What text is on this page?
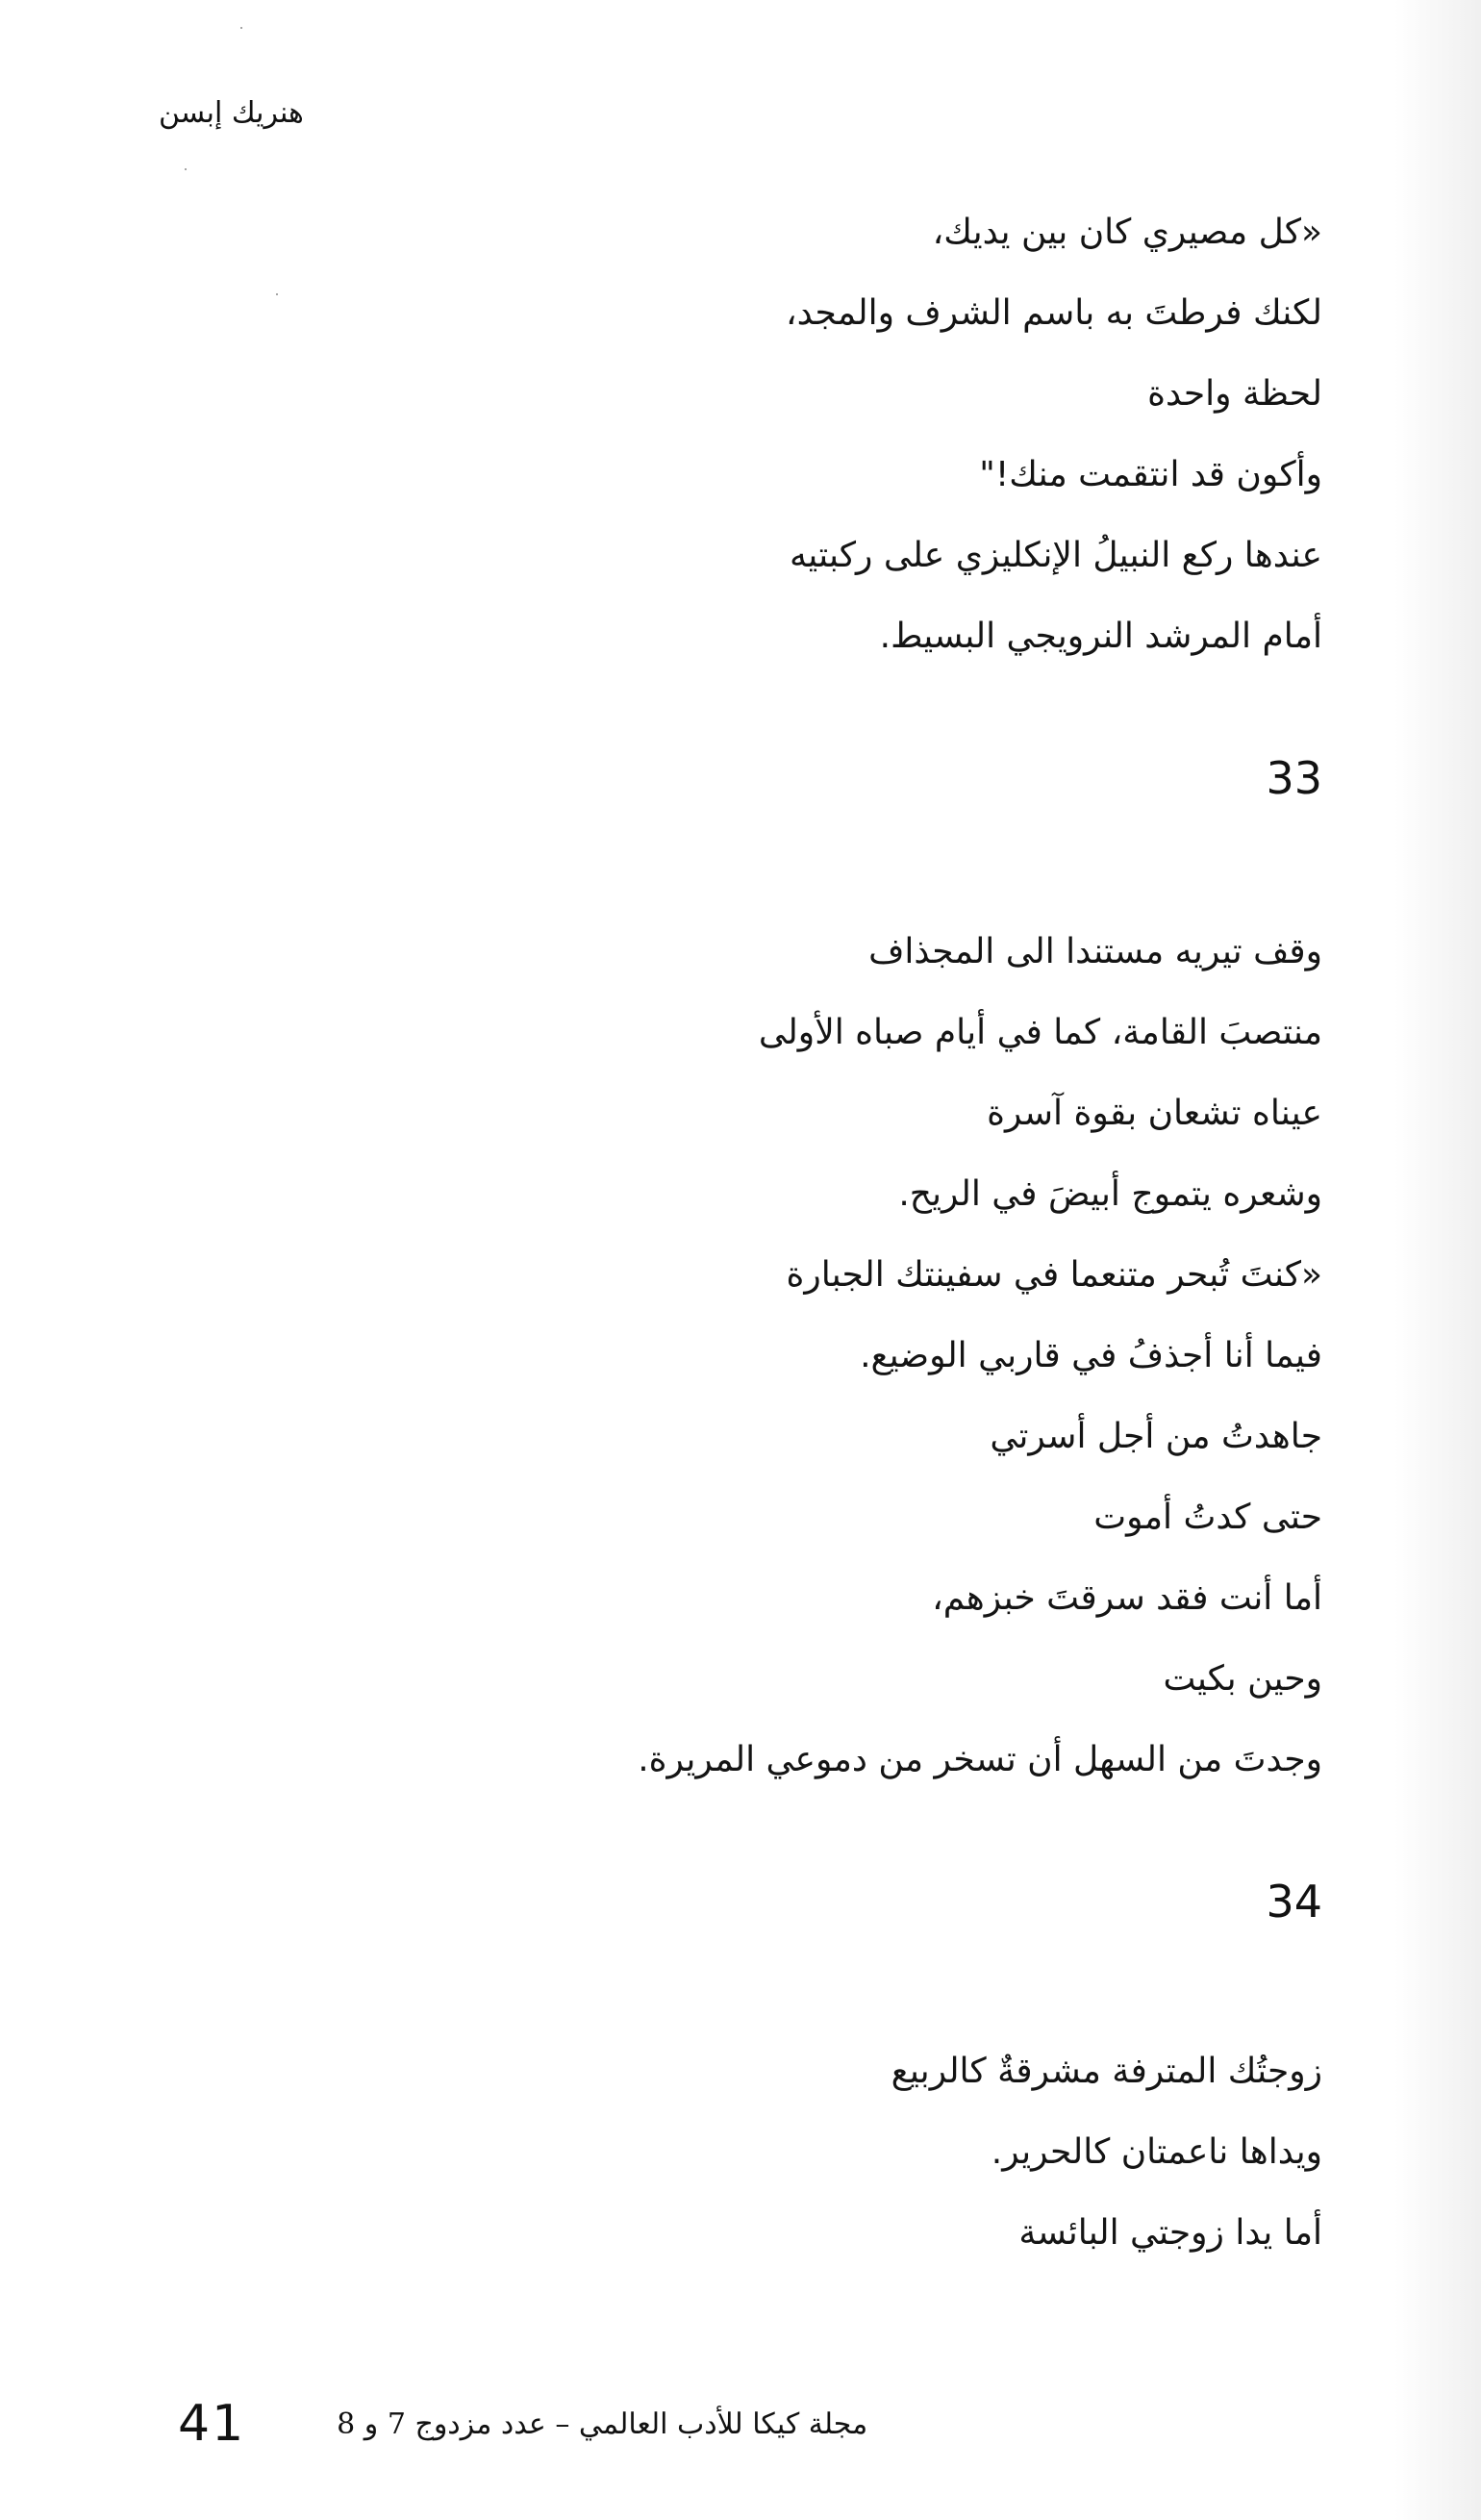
هنريك إبسن
«كل مصيري كان بين يديك،
لكنك فرطتَ به باسم الشرف والمجد،
لحظة واحدة
وأكون قد انتقمت منك!"
عندها ركع النبيلُ الإنكليزي على ركبتيه
أمام المرشد النرويجي البسيط.
33
وقف تيريه مستندا الى المجذاف
منتصبَ القامة، كما في أيام صباه الأولى
عيناه تشعان بقوة آسرة
وشعره يتموج أبيضَ في الريح.
«كنتَ تُبحر متنعما في سفينتك الجبارة
فيما أنا أجذفُ في قاربي الوضيع.
جاهدتُ من أجل أسرتي
حتى كدتُ أموت
أما أنت فقد سرقتَ خبزهم،
وحين بكيت
وجدتَ من السهل أن تسخر من دموعي المريرة.
34
زوجتُك المترفة مشرقةٌ كالربيع
ويداها ناعمتان كالحرير.
أما يدا زوجتي البائسة
41	مجلة كيكا للأدب العالمي – عدد مزدوج 7 و 8
